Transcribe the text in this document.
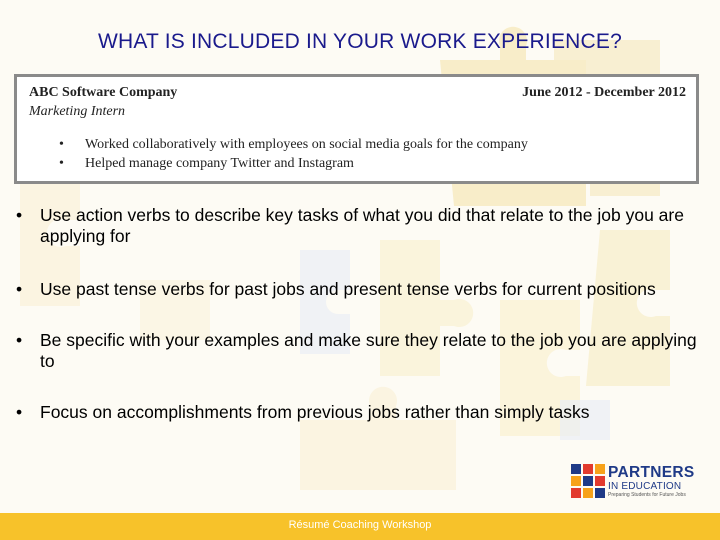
WHAT IS INCLUDED IN YOUR WORK EXPERIENCE?
ABC Software Company	June 2012 - December 2012
Marketing Intern
• Worked collaboratively with employees on social media goals for the company
• Helped manage company Twitter and Instagram
• Use action verbs to describe key tasks of what you did that relate to the job you are applying for
• Use past tense verbs for past jobs and present tense verbs for current positions
• Be specific with your examples and make sure they relate to the job you are applying to
• Focus on accomplishments from previous jobs rather than simply tasks
PARTNERS
IN EDUCATION
Preparing Students for Future Jobs
Résumé Coaching Workshop
